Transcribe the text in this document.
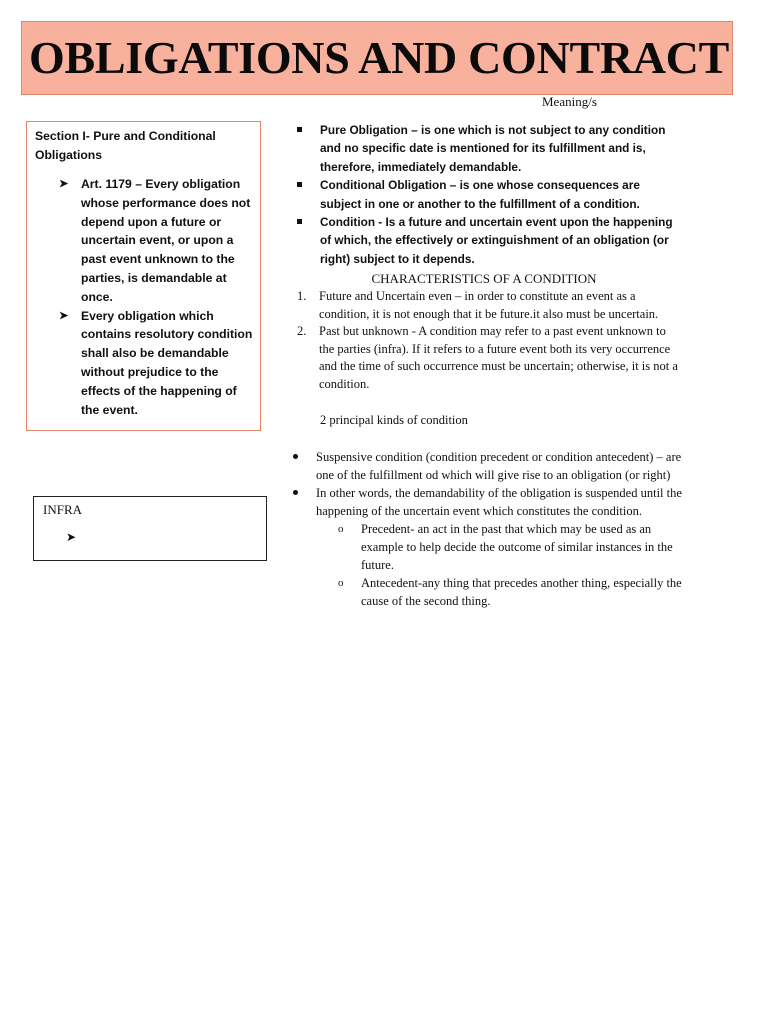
OBLIGATIONS AND CONTRACT
Meaning/s
Section I- Pure and Conditional Obligations
➤ Art. 1179 – Every obligation whose performance does not depend upon a future or uncertain event, or upon a past event unknown to the parties, is demandable at once.
➤ Every obligation which contains resolutory condition shall also be demandable without prejudice to the effects of the happening of the event.
INFRA
➤
Pure Obligation – is one which is not subject to any condition and no specific date is mentioned for its fulfillment and is, therefore, immediately demandable.
Conditional Obligation – is one whose consequences are subject in one or another to the fulfillment of a condition.
Condition - Is a future and uncertain event upon the happening of which, the effectively or extinguishment of an obligation (or right) subject to it depends.
CHARACTERISTICS OF A CONDITION
1. Future and Uncertain even – in order to constitute an event as a condition, it is not enough that it be future.it also must be uncertain.
2. Past but unknown - A condition may refer to a past event unknown to the parties (infra). If it refers to a future event both its very occurrence and the time of such occurrence must be uncertain; otherwise, it is not a condition.
2 principal kinds of condition
Suspensive condition (condition precedent or condition antecedent) – are one of the fulfillment od which will give rise to an obligation (or right)
In other words, the demandability of the obligation is suspended until the happening of the uncertain event which constitutes the condition.
o Precedent- an act in the past that which may be used as an example to help decide the outcome of similar instances in the future.
o Antecedent-any thing that precedes another thing, especially the cause of the second thing.
